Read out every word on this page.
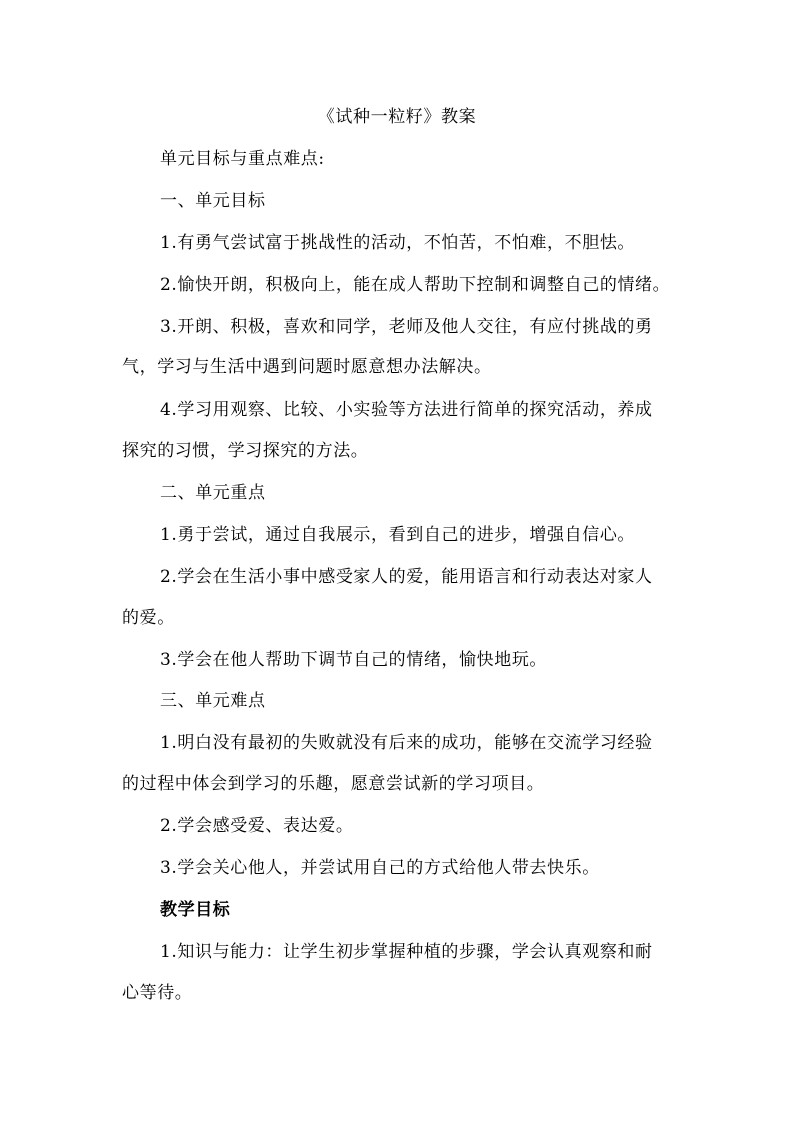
《试种一粒籽》教案
单元目标与重点难点:
一、单元目标
1.有勇气尝试富于挑战性的活动，不怕苦，不怕难，不胆怯。
2.愉快开朗，积极向上，能在成人帮助下控制和调整自己的情绪。
3.开朗、积极，喜欢和同学，老师及他人交往，有应付挑战的勇
气，学习与生活中遇到问题时愿意想办法解决。
4.学习用观察、比较、小实验等方法进行简单的探究活动，养成
探究的习惯，学习探究的方法。
二、单元重点
1.勇于尝试，通过自我展示，看到自己的进步，增强自信心。
2.学会在生活小事中感受家人的爱，能用语言和行动表达对家人
的爱。
3.学会在他人帮助下调节自己的情绪，愉快地玩。
三、单元难点
1.明白没有最初的失败就没有后来的成功，能够在交流学习经验
的过程中体会到学习的乐趣，愿意尝试新的学习项目。
2.学会感受爱、表达爱。
3.学会关心他人，并尝试用自己的方式给他人带去快乐。
教学目标
1.知识与能力：让学生初步掌握种植的步骤，学会认真观察和耐
心等待。
